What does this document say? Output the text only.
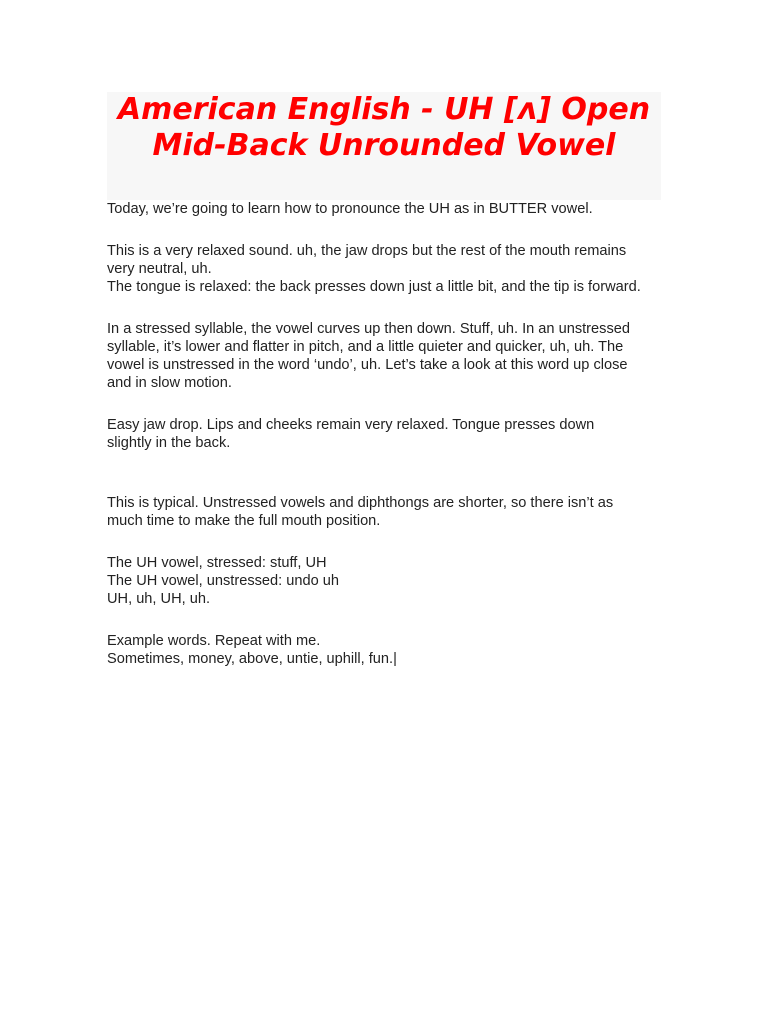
American English - UH [ʌ] Open
Mid-Back Unrounded Vowel

Today, we’re going to learn how to pronounce the UH as in BUTTER vowel.

This is a very relaxed sound. uh, the jaw drops but the rest of the mouth remains
very neutral, uh.
The tongue is relaxed: the back presses down just a little bit, and the tip is forward.

In a stressed syllable, the vowel curves up then down. Stuff, uh. In an unstressed
syllable, it’s lower and flatter in pitch, and a little quieter and quicker, uh, uh. The
vowel is unstressed in the word ‘undo’, uh. Let’s take a look at this word up close
and in slow motion.

Easy jaw drop. Lips and cheeks remain very relaxed. Tongue presses down
slightly in the back.

This is typical. Unstressed vowels and diphthongs are shorter, so there isn’t as
much time to make the full mouth position.

The UH vowel, stressed: stuff, UH
The UH vowel, unstressed: undo uh
UH, uh, UH, uh.

Example words. Repeat with me.
Sometimes, money, above, untie, uphill, fun.|
